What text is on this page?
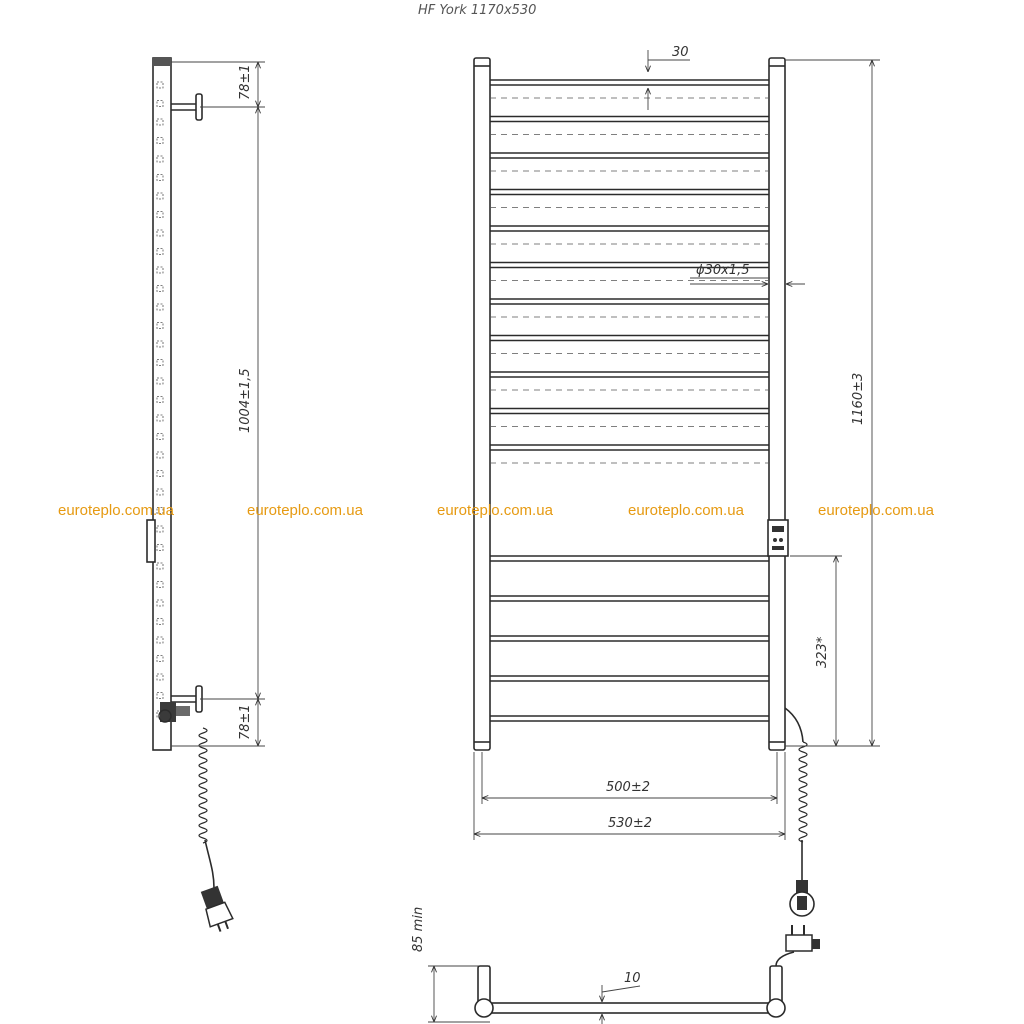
HF York 1170x530
78±1
1004±1,5
78±1
30
ϕ30x1,5
1160±3
323*
500±2
530±2
85 min
10
euroteplo.com.ua	euroteplo.com.ua	euroteplo.com.ua	euroteplo.com.ua	euroteplo.com.ua
